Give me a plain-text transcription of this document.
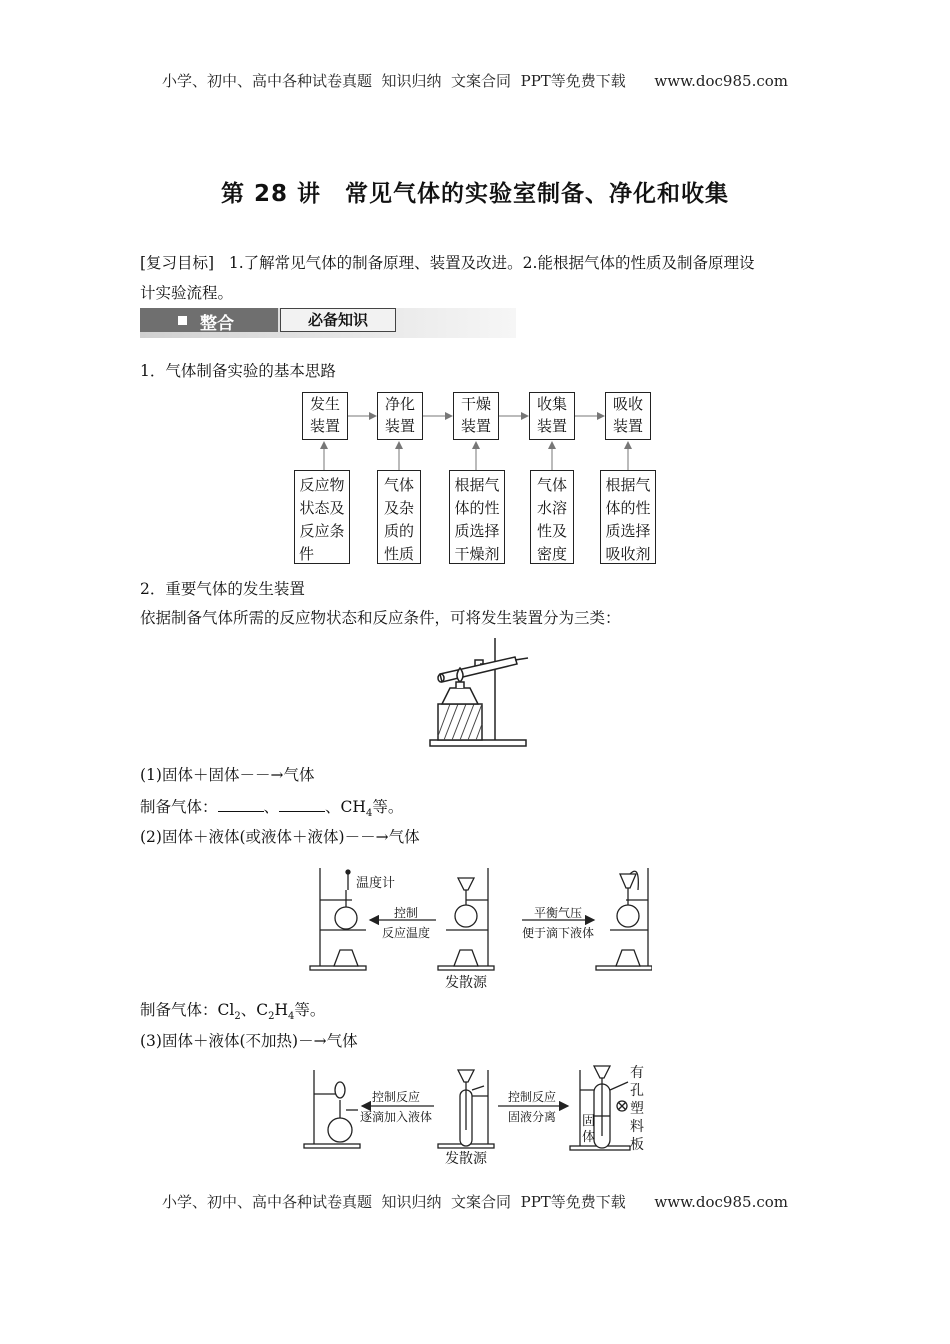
小学、初中、高中各种试卷真题  知识归纳  文案合同  PPT等免费下载      www.doc985.com
小学、初中、高中各种试卷真题  知识归纳  文案合同  PPT等免费下载      www.doc985.com
第 28 讲　常见气体的实验室制备、净化和收集
[复习目标] 1.了解常见气体的制备原理、装置及改进。2.能根据气体的性质及制备原理设
计实验流程。
整合	必备知识
1．气体制备实验的基本思路
发生
装置
净化
装置
干燥
装置
收集
装置
吸收
装置
反应物
状态及
反应条
件
气体
及杂
质的
性质
根据气
体的性
质选择
干燥剂
气体
水溶
性及
密度
根据气
体的性
质选择
吸收剂
2．重要气体的发生装置
依据制备气体所需的反应物状态和反应条件，可将发生装置分为三类：
(1)固体＋固体－－→气体
制备气体：	、	、$CH_4$等。
(2)固体＋液体(或液体＋液体)－－→气体
温度计
控制
反应温度
平衡气压
便于滴下液体
发散源
制备气体：$Cl_2$、$C_2H_4$等。
(3)固体＋液体(不加热)－→气体
控制反应
逐滴加入液体
控制反应
固液分离	固
体
有
孔
塑
料
板
发散源
